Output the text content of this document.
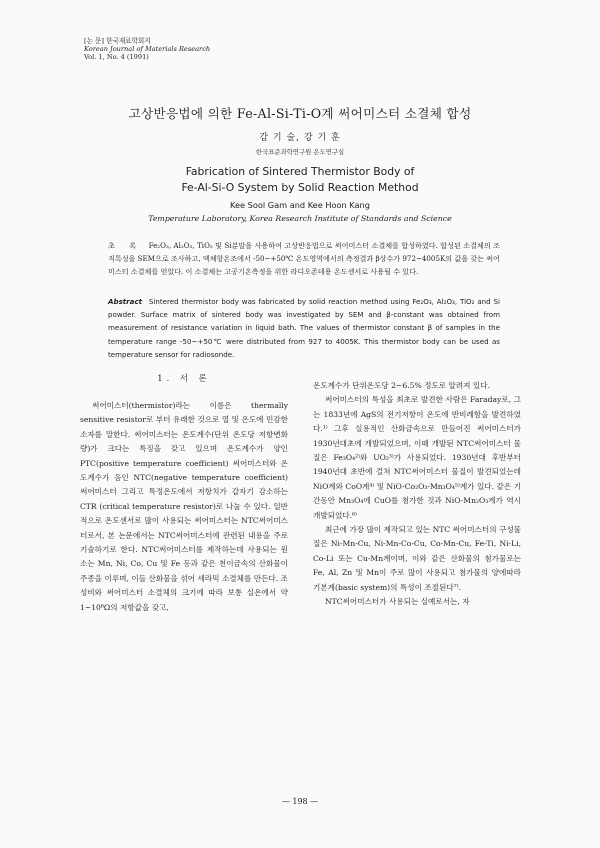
[논 문] 한국재료학회지
Korean Journal of Materials Research
Vol. 1, No. 4 (1991)
고상반응법에 의한 Fe-Al-Si-Ti-O계 써어미스터 소결체 합성
감 기 술, 강 기 훈
한국표준과학연구원 온도연구실
Fabrication of Sintered Thermistor Body of
Fe-Al-Si-O System by Solid Reaction Method
Kee Sool Gam and Kee Hoon Kang
Temperature Laboratory, Korea Research Institute of Standards and Science
초 록 Fe₂O₃, Al₂O₃, TiO₂ 및 Si분말을 사용하여 고상반응법으로 써어미스터 소결체를 합성하였다. 합성된 소결체의 조직특성을 SEM으로 조사하고, 액체항온조에서 -50~+50℃ 온도영역에서의 측정결과 β상수가 972~4005K의 값을 갖는 써어미스터 소결체를 얻었다. 이 소결체는 고공기온측정을 위한 라디오존데용 온도센서로 사용될 수 있다.
Abstract Sintered thermistor body was fabricated by solid reaction method using Fe₂O₃, Al₂O₃, TiO₂ and Si powder. Surface matrix of sintered body was investigated by SEM and β-constant was obtained from measurement of resistance variation in liquid bath. The values of thermistor constant β of samples in the temperature range -50~+50℃ were distributed from 927 to 4005K. This thermistor body can be used as temperature sensor for radiosonde.
1. 서 론

써어미스터(thermistor)라는 이름은 thermally sensitive resistor로 부터 유래한 것으로 열 및 온도에 민감한 소자를 말한다. 써어미스터는 온도계수(단위 온도당 저항변화량)가 크다는 특징을 갖고 있으며 온도계수가 양인 PTC(positive temperature coefficient) 써어미스터와 온도계수가 음인 NTC(negative temperature coefficient) 써어미스터 그리고 특정온도에서 저항치가 갑자기 감소하는 CTR (critical temperature resistor)로 나눌 수 있다. 일반적으로 온도센서로 많이 사용되는 써어미스터는 NTC써어미스터로서, 본 논문에서는 NTC써어미스터에 관련된 내용을 주로 기술하기로 한다. NTC써어미스터를 제작하는데 사용되는 원소는 Mn, Ni, Co, Cu 및 Fe 등과 같은 천이금속의 산화물이 주종을 이루며, 이들 산화물을 섞어 세라믹 소결체를 만든다. 조성비와 써어미스터 소결체의 크기에 따라 보통 실온에서 약 1~10⁶Ω의 저항값을 갖고,

온도계수가 단위온도당 2~6.5% 정도로 알려져 있다.

써어미스터의 특성을 최초로 발견한 사람은 Faraday로, 그는 1833년에 AgS의 전기저항이 온도에 반비례함을 발견하였다.¹⁾ 그후 실용적인 산화금속으로 만들어진 써어미스터가 1930년대초에 개발되었으며, 이때 개발된 NTC써어미스터 물질은 Fe₃O₄²⁾와 UO₂³⁾가 사용되었다. 1930년대 후반부터 1940년대 초반에 걸쳐 NTC써어미스터 물질이 발견되었는데 NiO계와 CoO계⁴⁾ 및 NiO-Co₂O₃-Mn₃O₄⁵⁾계가 있다. 같은 기간동안 Mn₃O₄에 CuO를 첨가한 것과 NiO-Mn₂O₃계가 역시 개발되었다.⁶⁾

최근에 가장 많이 제작되고 있는 NTC 써어미스터의 구성물질은 Ni-Mn-Cu, Ni-Mn-Co-Cu, Co-Mn-Cu, Fe-Ti, Ni-Li, Co-Li 또는 Cu-Mn계이며, 이와 같은 산화물의 첨가물로는 Fe, Al, Zn 및 Mn이 주로 많이 사용되고 첨가물의 양에따라 기본계(basic system)의 특성이 조절된다⁷⁾.

NTC써어미스터가 사용되는 실예로서는, 자

— 198 —
